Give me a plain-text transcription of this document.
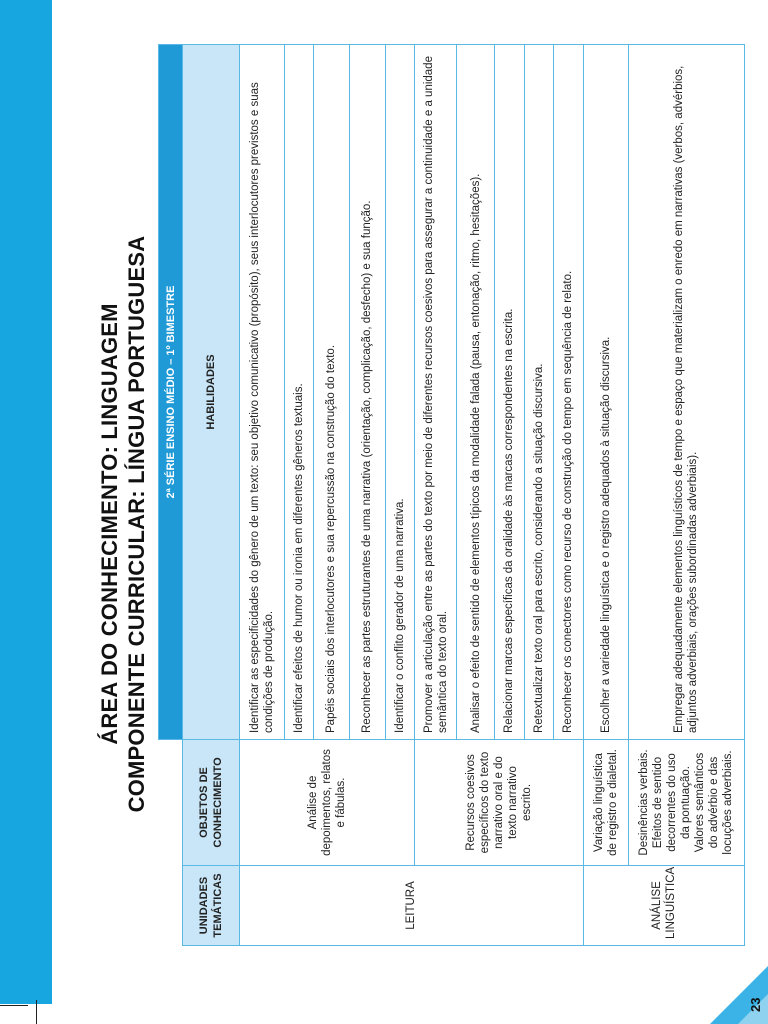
23
ÁREA DO CONHECIMENTO: LINGUAGEM COMPONENTE CURRICULAR: LÍNGUA PORTUGUESA
		2ª SÉRIE ENSINO MÉDIO – 1º BIMESTRE
UNIDADES TEMÁTICAS	OBJETOS DE CONHECIMENTO	HABILIDADES
LEITURA	Análise de depoimentos, relatos e fábulas.	Identificar as especificidades do gênero de um texto: seu objetivo comunicativo (propósito), seus interlocutores previstos e suas condições de produção.
		Identificar efeitos de humor ou ironia em diferentes gêneros textuais.
		Papéis sociais dos interlocutores e sua repercussão na construção do texto.
		Reconhecer as partes estruturantes de uma narrativa (orientação, complicação, desfecho) e sua função.
		Identificar o conflito gerador de uma narrativa.
	Recursos coesivos específicos do texto narrativo oral e do texto narrativo escrito.	Promover a articulação entre as partes do texto por meio de diferentes recursos coesivos para assegurar a continuidade e a unidade semântica do texto oral.
		Analisar o efeito de sentido de elementos típicos da modalidade falada (pausa, entonação, ritmo, hesitações).
		Relacionar marcas específicas da oralidade às marcas correspondentes na escrita.
		Retextualizar texto oral para escrito, considerando a situação discursiva.
		Reconhecer os conectores como recurso de construção do tempo em sequência de relato.
ANÁLISE LINGUÍSTICA	Variação linguística de registro e dialetal.	Escolher a variedade linguística e o registro adequados à situação discursiva.
	Desinências verbais. Efeitos de sentido decorrentes do uso da pontuação. Valores semânticos do advérbio e das locuções adverbiais.	Empregar adequadamente elementos linguísticos de tempo e espaço que materializam o enredo em narrativas (verbos, advérbios, adjuntos adverbiais, orações subordinadas adverbiais).
